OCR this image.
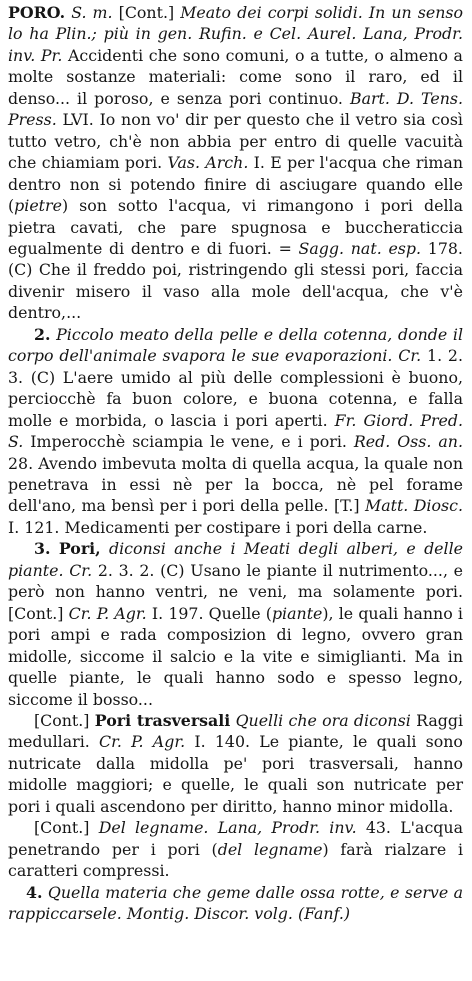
PORO. S. m. [Cont.] Meato dei corpi solidi. In un senso lo ha Plin.; più in gen. Rufin. e Cel. Aurel. Lana, Prodr. inv. Pr. Accidenti che sono comuni, o a tutte, o almeno a molte sostanze materiali: come sono il raro, ed il denso... il poroso, e senza pori continuo. Bart. D. Tens. Press. LVI. Io non vo' dir per questo che il vetro sia così tutto vetro, ch'è non abbia per entro di quelle vacuità che chiamiam pori. Vas. Arch. I. E per l'acqua che riman dentro non si potendo finire di asciugare quando elle (pietre) son sotto l'acqua, vi rimangono i pori della pietra cavati, che pare spugnosa e buccheraticcia egualmente di dentro e di fuori. = Sagg. nat. esp. 178. (C) Che il freddo poi, ristringendo gli stessi pori, faccia divenir misero il vaso alla mole dell'acqua, che v'è dentro,...

2. Piccolo meato della pelle e della cotenna, donde il corpo dell'animale svapora le sue evaporazioni. Cr. 1. 2. 3. (C) L'aere umido al più delle complessioni è buono, perciocchè fa buon colore, e buona cotenna, e falla molle e morbida, o lascia i pori aperti. Fr. Giord. Pred. S. Imperocchè sciampia le vene, e i pori. Red. Oss. an. 28. Avendo imbevuta molta di quella acqua, la quale non penetrava in essi nè per la bocca, nè pel forame dell'ano, ma bensì per i pori della pelle. [T.] Matt. Diosc. I. 121. Medicamenti per costipare i pori della carne.

3. Pori, diconsi anche i Meati degli alberi, e delle piante. Cr. 2. 3. 2. (C) Usano le piante il nutrimento..., e però non hanno ventri, ne veni, ma solamente pori. [Cont.] Cr. P. Agr. I. 197. Quelle (piante), le quali hanno i pori ampi e rada composizion di legno, ovvero gran midolle, siccome il salcio e la vite e simiglianti. Ma in quelle piante, le quali hanno sodo e spesso legno, siccome il bosso...

[Cont.] Pori trasversali Quelli che ora diconsi Raggi medullari. Cr. P. Agr. I. 140. Le piante, le quali sono nutricate dalla midolla pe' pori trasversali, hanno midolle maggiori; e quelle, le quali son nutricate per pori i quali ascendono per diritto, hanno minor midolla.

[Cont.] Del legname. Lana, Prodr. inv. 43. L'acqua penetrando per i pori (del legname) farà rialzare i caratteri compressi.

4. Quella materia che geme dalle ossa rotte, e serve a rappiccarsele. Montig. Discor. volg. (Fanf.)
